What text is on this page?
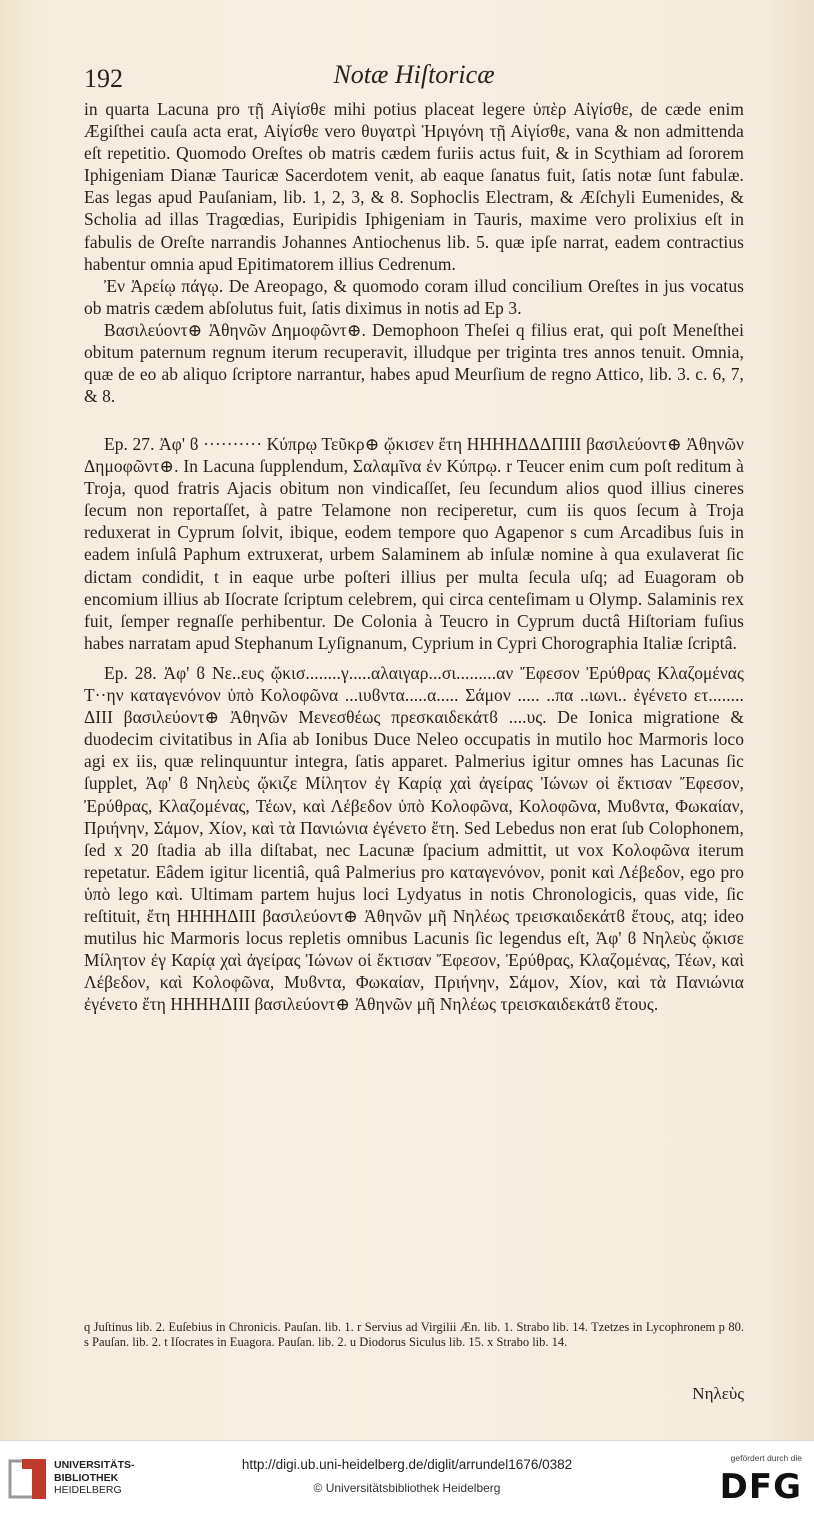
192	Notæ Hiſtoricæ

in quarta Lacuna pro τῇ Αἰγίσθε mihi potius placeat legere ὑπὲρ Αἰγίσθε, de cæde enim Ægiſthei cauſa acta erat, Αἰγίσθε vero θυγατρὶ Ἠριγόνη τῇ Αἰγίσθε, vana & non admittenda eſt repetitio. Quomodo Oreſtes ob matris cædem furiis actus fuit, & in Scythiam ad ſororem Iphigeniam Dianæ Tauricæ Sacerdotem venit, ab eaque ſanatus fuit, ſatis notæ ſunt fabulæ. Eas legas apud Pauſaniam, lib. 1, 2, 3, & 8. Sophoclis Electram, & Æſchyli Eumenides, & Scholia ad illas Tragœdias, Euripidis Iphigeniam in Tauris, maxime vero prolixius eſt in fabulis de Oreſte narrandis Johannes Antiochenus lib. 5. quæ ipſe narrat, eadem contractius habentur omnia apud Epitimatorem illius Cedrenum.

Ἐν Ἀρείῳ πάγῳ. De Areopago, & quomodo coram illud concilium Oreſtes in jus vocatus ob matris cædem abſolutus fuit, ſatis diximus in notis ad Ep 3.

Βασιλεύοντ⊕ Ἀθηνῶν Δημοφῶντ⊕. Demophoon Theſei q filius erat, qui poſt Meneſthei obitum paternum regnum iterum recuperavit, illudque per triginta tres annos tenuit. Omnia, quæ de eo ab aliquo ſcriptore narrantur, habes apud Meurſium de regno Attico, lib. 3. c. 6, 7, & 8.

Ep. 27. Ἀφ' ϐ ·········· Κύπρῳ Τεῦκρ⊕ ᾤκισεν ἔτη ΗΗΗΗΔΔΔΠΙΙΙ βασιλεύοντ⊕ Ἀθηνῶν Δημοφῶντ⊕. In Lacuna ſupplendum, Σαλαμῖνα ἐν Κύπρῳ. r Teucer enim cum poſt reditum à Troja, quod fratris Ajacis obitum non vindicaſſet, ſeu ſecundum alios quod illius cineres ſecum non reportaſſet, à patre Telamone non reciperetur, cum iis quos ſecum à Troja reduxerat in Cyprum ſolvit, ibique, eodem tempore quo Agapenor s cum Arcadibus ſuis in eadem inſulâ Paphum extruxerat, urbem Salaminem ab inſulæ nomine à qua exulaverat ſic dictam condidit, t in eaque urbe poſteri illius per multa ſecula uſq; ad Euagoram ob encomium illius ab Iſocrate ſcriptum celebrem, qui circa centeſimam u Olymp. Salaminis rex fuit, ſemper regnaſſe perhibentur. De Colonia à Teucro in Cyprum ductâ Hiſtoriam fuſius habes narratam apud Stephanum Lyſignanum, Cyprium in Cypri Chorographia Italiæ ſcriptâ.

Ep. 28. Ἀφ' ϐ Νε..ευς ᾤκισ........γ.....αλαιγαρ...σι.........αν Ἔφεσον Ἐρύθρας Κλαζομένας Τ··ην καταγενόνον ὑπὸ Κολοφῶνα ...ιυϐντα.....α..... Σάμον ..... ..πα ..ιωνι.. ἐγένετο ετ........ ΔΙΙΙ βασιλεύοντ⊕ Ἀθηνῶν Μενεσθέως πρεσκαιδεκάτϐ ....υς. De Ionica migratione & duodecim civitatibus in Aſia ab Ionibus Duce Neleo occupatis in mutilo hoc Marmoris loco agi ex iis, quæ relinquuntur integra, ſatis apparet. Palmerius igitur omnes has Lacunas ſic ſupplet, Ἀφ' ϐ Νηλεὺς ᾤκιζε Μίλητον ἐγ Καρίᾳ χαὶ ἀγείρας Ἰώνων οἱ ἔκτισαν Ἔφεσον, Ἐρύθρας, Κλαζομένας, Τέων, καὶ Λέβεδον ὑπὸ Κολοφῶνα, Κολοφῶνα, Μυϐντα, Φωκαίαν, Πριήνην, Σάμον, Χίον, καὶ τὰ Πανιώνια ἐγένετο ἔτη. Sed Lebedus non erat ſub Colophonem, ſed x 20 ſtadia ab illa diſtabat, nec Lacunæ ſpacium admittit, ut vox Κολοφῶνα iterum repetatur. Eâdem igitur licentiâ, quâ Palmerius pro καταγενόνον, ponit καὶ Λέβεδον, ego pro ὑπὸ lego καὶ. Ultimam partem hujus loci Lydyatus in notis Chronologicis, quas vide, ſic reſtituit, ἔτη ΗΗΗΗΔΙΙΙ βασιλεύοντ⊕ Ἀθηνῶν μῆ Νηλέως τρεισκαιδεκάτϐ ἔτους, atq; ideo mutilus hic Marmoris locus repletis omnibus Lacunis ſic legendus eſt, Ἀφ' ϐ Νηλεὺς ᾤκισε Μίλητον ἐγ Καρίᾳ χαὶ ἀγείρας Ἰώνων οἱ ἔκτισαν Ἔφεσον, Ἐρύθρας, Κλαζομένας, Τέων, καὶ Λέβεδον, καὶ Κολοφῶνα, Μυϐντα, Φωκαίαν, Πριήνην, Σάμον, Χίον, καὶ τὰ Πανιώνια ἐγένετο ἔτη ΗΗΗΗΔΙΙΙ βασιλεύοντ⊕ Ἀθηνῶν μῆ Νηλέως τρεισκαιδεκάτϐ ἔτους.

q Juſtinus lib. 2. Euſebius in Chronicis. Pauſan. lib. 1. r Servius ad Virgilii Æn. lib. 1. Strabo lib. 14. Tzetzes in Lycophronem p 80. s Pauſan. lib. 2. t Iſocrates in Euagora. Pauſan. lib. 2. u Diodorus Siculus lib. 15. x Strabo lib. 14.
Νηλεὺς
UNIVERSITÄTS-
BIBLIOTHEK
HEIDELBERG
http://digi.ub.uni-heidelberg.de/diglit/arrundel1676/0382
© Universitätsbibliothek Heidelberg
gefördert durch die
DFG
